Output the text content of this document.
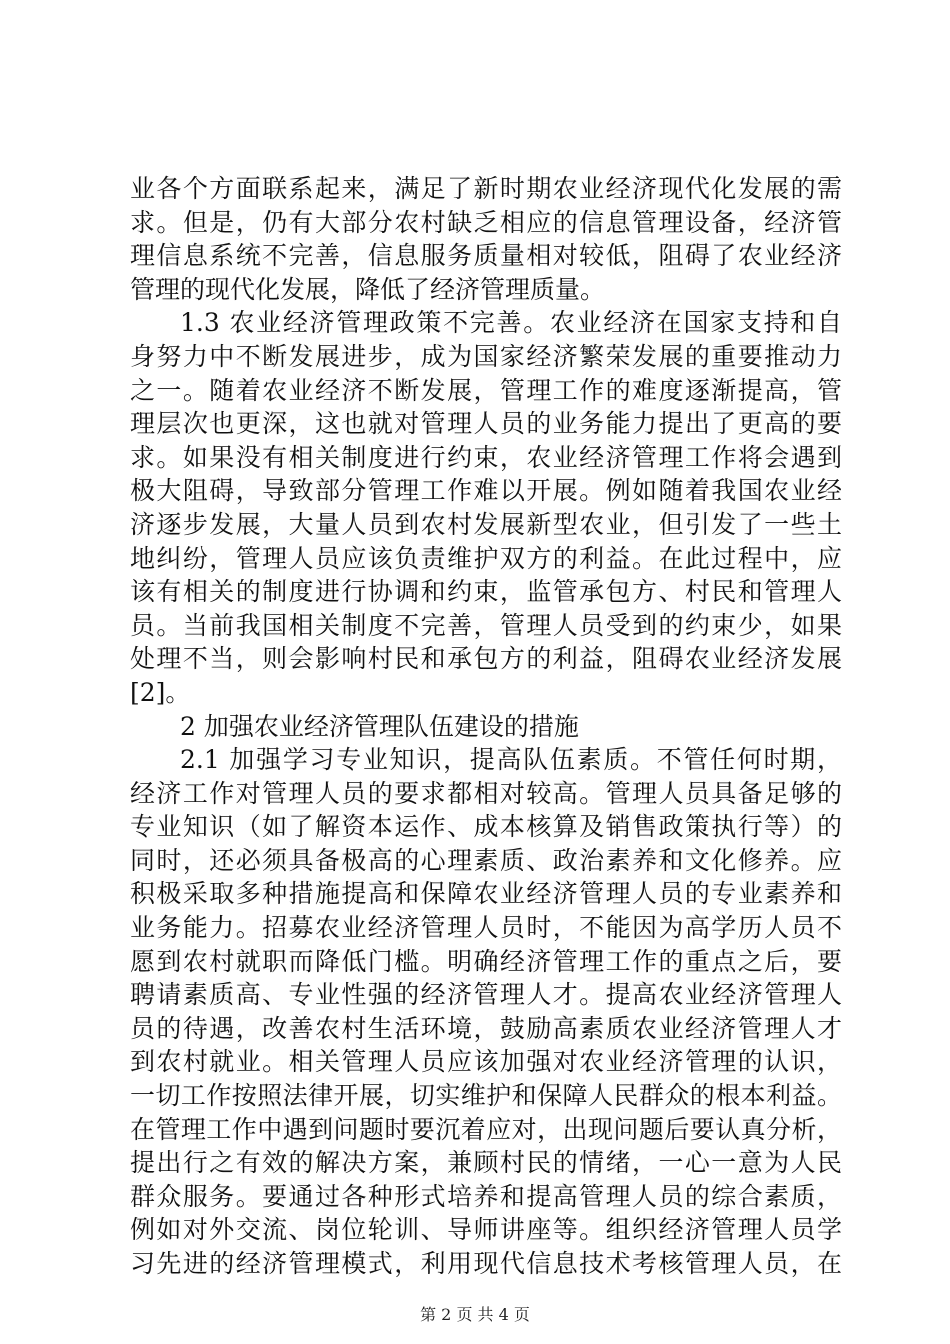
业各个方面联系起来，满足了新时期农业经济现代化发展的需
求。但是，仍有大部分农村缺乏相应的信息管理设备，经济管
理信息系统不完善，信息服务质量相对较低，阻碍了农业经济
管理的现代化发展，降低了经济管理质量。
1.3 农业经济管理政策不完善。农业经济在国家支持和自
身努力中不断发展进步，成为国家经济繁荣发展的重要推动力
之一。随着农业经济不断发展，管理工作的难度逐渐提高，管
理层次也更深，这也就对管理人员的业务能力提出了更高的要
求。如果没有相关制度进行约束，农业经济管理工作将会遇到
极大阻碍，导致部分管理工作难以开展。例如随着我国农业经
济逐步发展，大量人员到农村发展新型农业，但引发了一些土
地纠纷，管理人员应该负责维护双方的利益。在此过程中，应
该有相关的制度进行协调和约束，监管承包方、村民和管理人
员。当前我国相关制度不完善，管理人员受到的约束少，如果
处理不当，则会影响村民和承包方的利益，阻碍农业经济发展
[2]。
2 加强农业经济管理队伍建设的措施
2.1 加强学习专业知识，提高队伍素质。不管任何时期，
经济工作对管理人员的要求都相对较高。管理人员具备足够的
专业知识（如了解资本运作、成本核算及销售政策执行等）的
同时，还必须具备极高的心理素质、政治素养和文化修养。应
积极采取多种措施提高和保障农业经济管理人员的专业素养和
业务能力。招募农业经济管理人员时，不能因为高学历人员不
愿到农村就职而降低门槛。明确经济管理工作的重点之后，要
聘请素质高、专业性强的经济管理人才。提高农业经济管理人
员的待遇，改善农村生活环境，鼓励高素质农业经济管理人才
到农村就业。相关管理人员应该加强对农业经济管理的认识，
一切工作按照法律开展，切实维护和保障人民群众的根本利益。
在管理工作中遇到问题时要沉着应对，出现问题后要认真分析，
提出行之有效的解决方案，兼顾村民的情绪，一心一意为人民
群众服务。要通过各种形式培养和提高管理人员的综合素质，
例如对外交流、岗位轮训、导师讲座等。组织经济管理人员学
习先进的经济管理模式，利用现代信息技术考核管理人员，在
第 2 页 共 4 页
